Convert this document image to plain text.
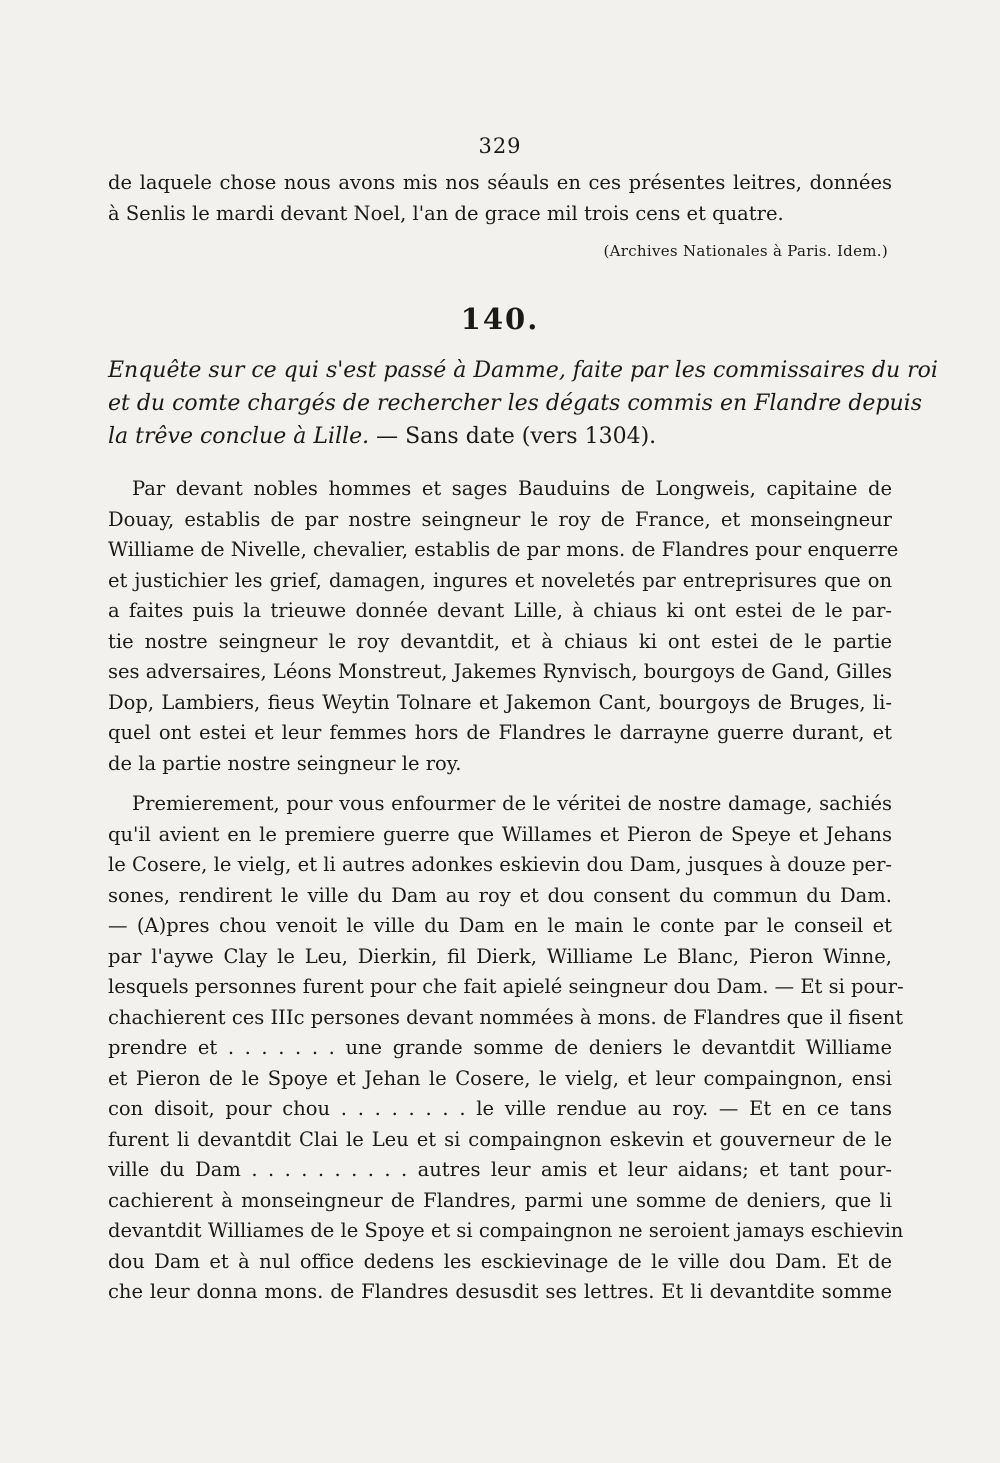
329
de laquele chose nous avons mis nos séauls en ces présentes leitres, données
à Senlis le mardi devant Noel, l'an de grace mil trois cens et quatre.
(Archives Nationales à Paris. Idem.)
140.
Enquête sur ce qui s'est passé à Damme, faite par les commissaires du roi
et du comte chargés de rechercher les dégats commis en Flandre depuis
la trêve conclue à Lille. — Sans date (vers 1304).
Par devant nobles hommes et sages Bauduins de Longweis, capitaine de
Douay, establis de par nostre seingneur le roy de France, et monseingneur
Williame de Nivelle, chevalier, establis de par mons. de Flandres pour enquerre
et justichier les grief, damagen, ingures et noveletés par entreprisures que on
a faites puis la trieuwe donnée devant Lille, à chiaus ki ont estei de le par-
tie nostre seingneur le roy devantdit, et à chiaus ki ont estei de le partie
ses adversaires, Léons Monstreut, Jakemes Rynvisch, bourgoys de Gand, Gilles
Dop, Lambiers, fieus Weytin Tolnare et Jakemon Cant, bourgoys de Bruges, li-
quel ont estei et leur femmes hors de Flandres le darrayne guerre durant, et
de la partie nostre seingneur le roy.
Premierement, pour vous enfourmer de le véritei de nostre damage, sachiés
qu'il avient en le premiere guerre que Willames et Pieron de Speye et Jehans
le Cosere, le vielg, et li autres adonkes eskievin dou Dam, jusques à douze per-
sones, rendirent le ville du Dam au roy et dou consent du commun du Dam.
— (A)pres chou venoit le ville du Dam en le main le conte par le conseil et
par l'aywe Clay le Leu, Dierkin, fil Dierk, Williame Le Blanc, Pieron Winne,
lesquels personnes furent pour che fait apielé seingneur dou Dam. — Et si pour-
chachierent ces IIIc persones devant nommées à mons. de Flandres que il fisent
prendre et . . . . . . . une grande somme de deniers le devantdit Williame
et Pieron de le Spoye et Jehan le Cosere, le vielg, et leur compaingnon, ensi
con disoit, pour chou . . . . . . . . le ville rendue au roy. — Et en ce tans
furent li devantdit Clai le Leu et si compaingnon eskevin et gouverneur de le
ville du Dam . . . . . . . . . . autres leur amis et leur aidans; et tant pour-
cachierent à monseingneur de Flandres, parmi une somme de deniers, que li
devantdit Williames de le Spoye et si compaingnon ne seroient jamays eschievin
dou Dam et à nul office dedens les esckievinage de le ville dou Dam. Et de
che leur donna mons. de Flandres desusdit ses lettres. Et li devantdite somme
